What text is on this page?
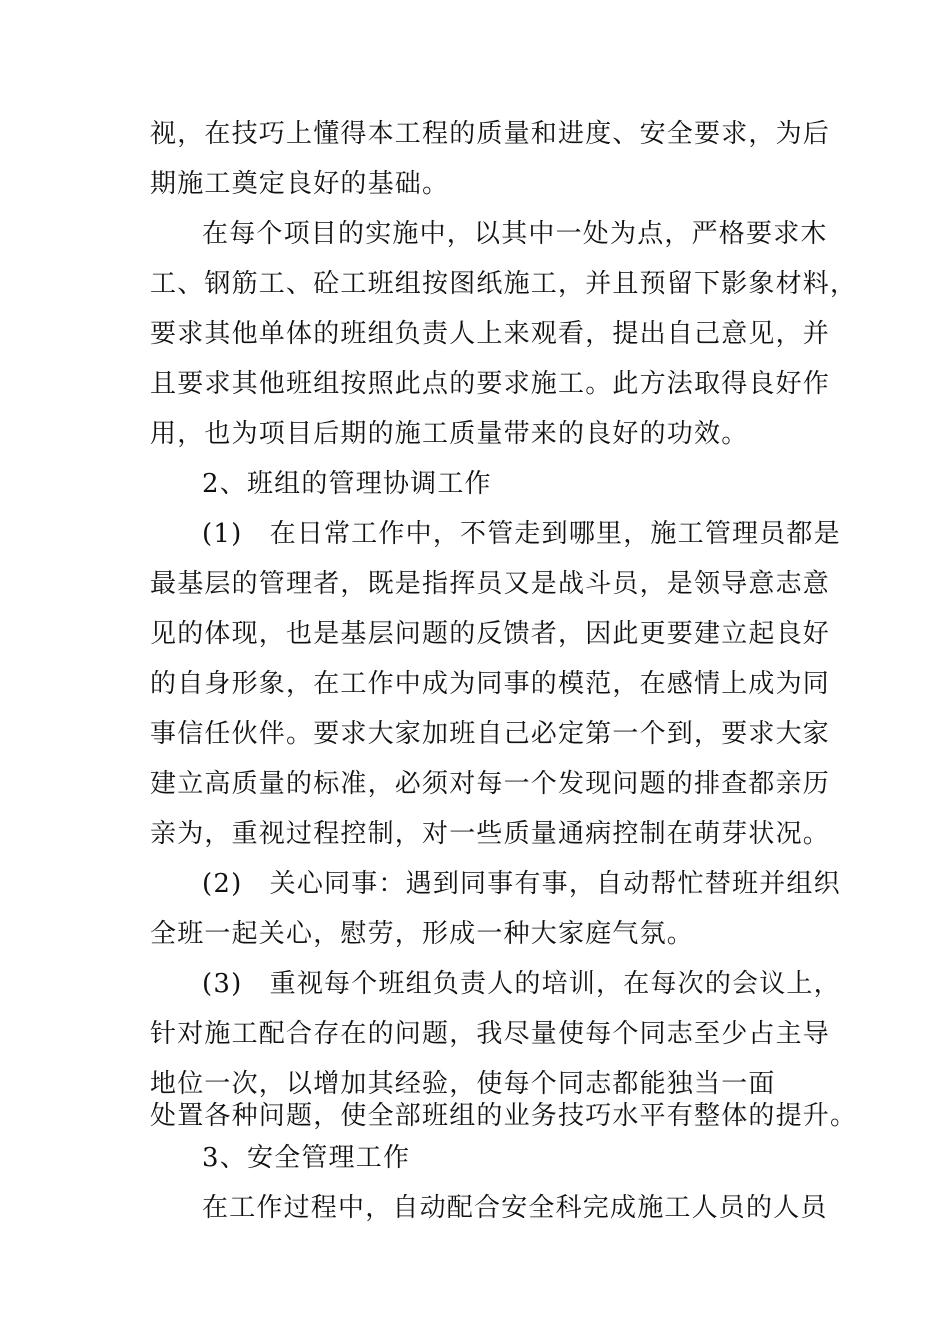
视，在技巧上懂得本工程的质量和进度、安全要求，为后
期施工奠定良好的基础。
在每个项目的实施中，以其中一处为点，严格要求木
工、钢筋工、砼工班组按图纸施工，并且预留下影象材料，
要求其他单体的班组负责人上来观看，提出自己意见，并
且要求其他班组按照此点的要求施工。此方法取得良好作
用，也为项目后期的施工质量带来的良好的功效。
2、班组的管理协调工作
(1)　在日常工作中，不管走到哪里，施工管理员都是
最基层的管理者，既是指挥员又是战斗员，是领导意志意
见的体现，也是基层问题的反馈者，因此更要建立起良好
的自身形象，在工作中成为同事的模范，在感情上成为同
事信任伙伴。要求大家加班自己必定第一个到，要求大家
建立高质量的标准，必须对每一个发现问题的排查都亲历
亲为，重视过程控制，对一些质量通病控制在萌芽状况。
(2)　关心同事：遇到同事有事，自动帮忙替班并组织
全班一起关心，慰劳，形成一种大家庭气氛。
(3)　重视每个班组负责人的培训，在每次的会议上，
针对施工配合存在的问题，我尽量使每个同志至少占主导
地位一次，以增加其经验，使每个同志都能独当一面
处置各种问题，使全部班组的业务技巧水平有整体的提升。
3、安全管理工作
在工作过程中，自动配合安全科完成施工人员的人员
